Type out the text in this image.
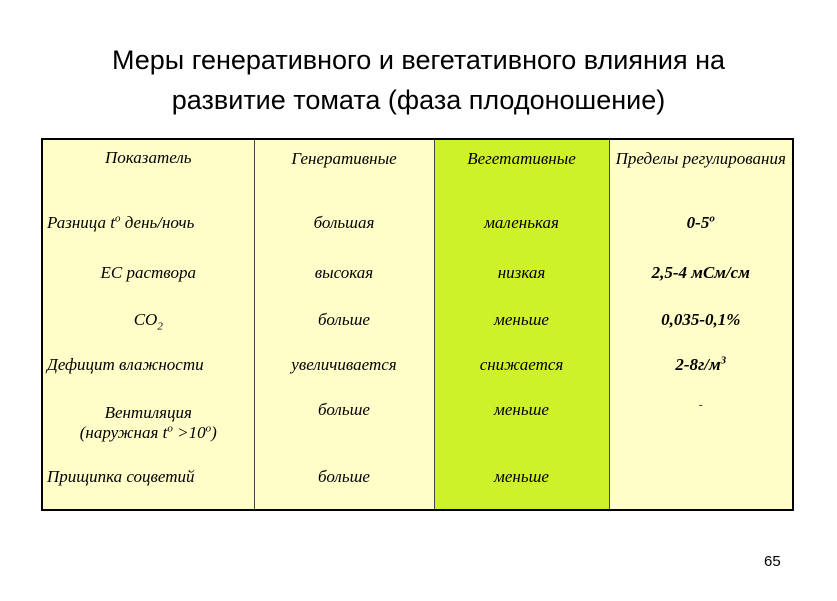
Меры генеративного и вегетативного влияния на
развитие томата (фаза плодоношение)
Показатель	Генеративные	Вегетативные	Пределы регулирования
Разница $t^о$ день/ночь	большая	маленькая	$0-5^о$
ЕС раствора	высокая	низкая	2,5-4 мСм/см
$СО_2$	больше	меньше	0,035-0,1%
Дефицит влажности	увеличивается	снижается	$2-8г/м^3$
Вентиляция
(наружная $t^о >10^о$)	больше	меньше	-
Прищипка соцветий	больше	меньше	
65
